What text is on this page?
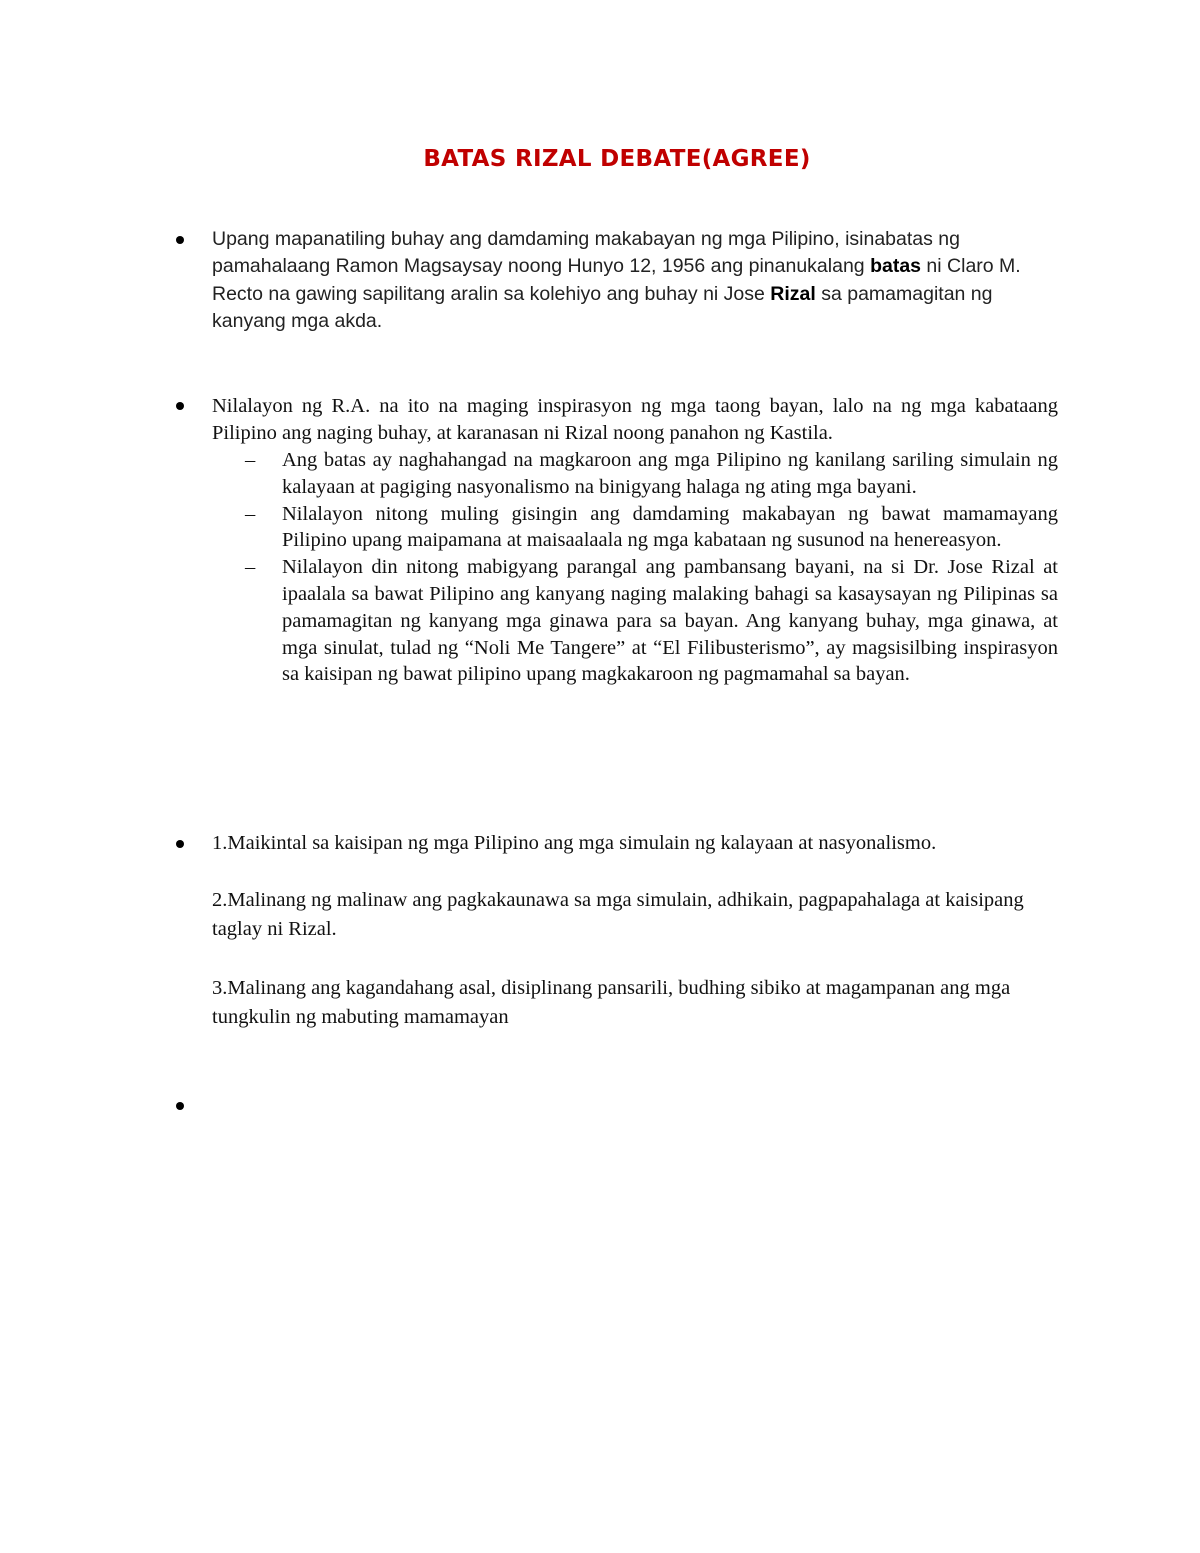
BATAS RIZAL DEBATE(AGREE)
Upang mapanatiling buhay ang damdaming makabayan ng mga Pilipino, isinabatas ng pamahalaang Ramon Magsaysay noong Hunyo 12, 1956 ang pinanukalang batas ni Claro M. Recto na gawing sapilitang aralin sa kolehiyo ang buhay ni Jose Rizal sa pamamagitan ng kanyang mga akda.
Nilalayon ng R.A. na ito na maging inspirasyon ng mga taong bayan, lalo na ng mga kabataang Pilipino ang naging buhay, at karanasan ni Rizal noong panahon ng Kastila.
– Ang batas ay naghahangad na magkaroon ang mga Pilipino ng kanilang sariling simulain ng kalayaan at pagiging nasyonalismo na binigyang halaga ng ating mga bayani.
– Nilalayon nitong muling gisingin ang damdaming makabayan ng bawat mamamayang Pilipino upang maipamana at maisaalaala ng mga kabataan ng susunod na henereasyon.
– Nilalayon din nitong mabigyang parangal ang pambansang bayani, na si Dr. Jose Rizal at ipaalala sa bawat Pilipino ang kanyang naging malaking bahagi sa kasaysayan ng Pilipinas sa pamamagitan ng kanyang mga ginawa para sa bayan. Ang kanyang buhay, mga ginawa, at mga sinulat, tulad ng “Noli Me Tangere” at “El Filibusterismo”, ay magsisilbing inspirasyon sa kaisipan ng bawat pilipino upang magkakaroon ng pagmamahal sa bayan.
1.Maikintal sa kaisipan ng mga Pilipino ang mga simulain ng kalayaan at nasyonalismo.
2.Malinang ng malinaw ang pagkakaunawa sa mga simulain, adhikain, pagpapahalaga at kaisipang taglay ni Rizal.
3.Malinang ang kagandahang asal, disiplinang pansarili, budhing sibiko at magampanan ang mga tungkulin ng mabuting mamamayan
